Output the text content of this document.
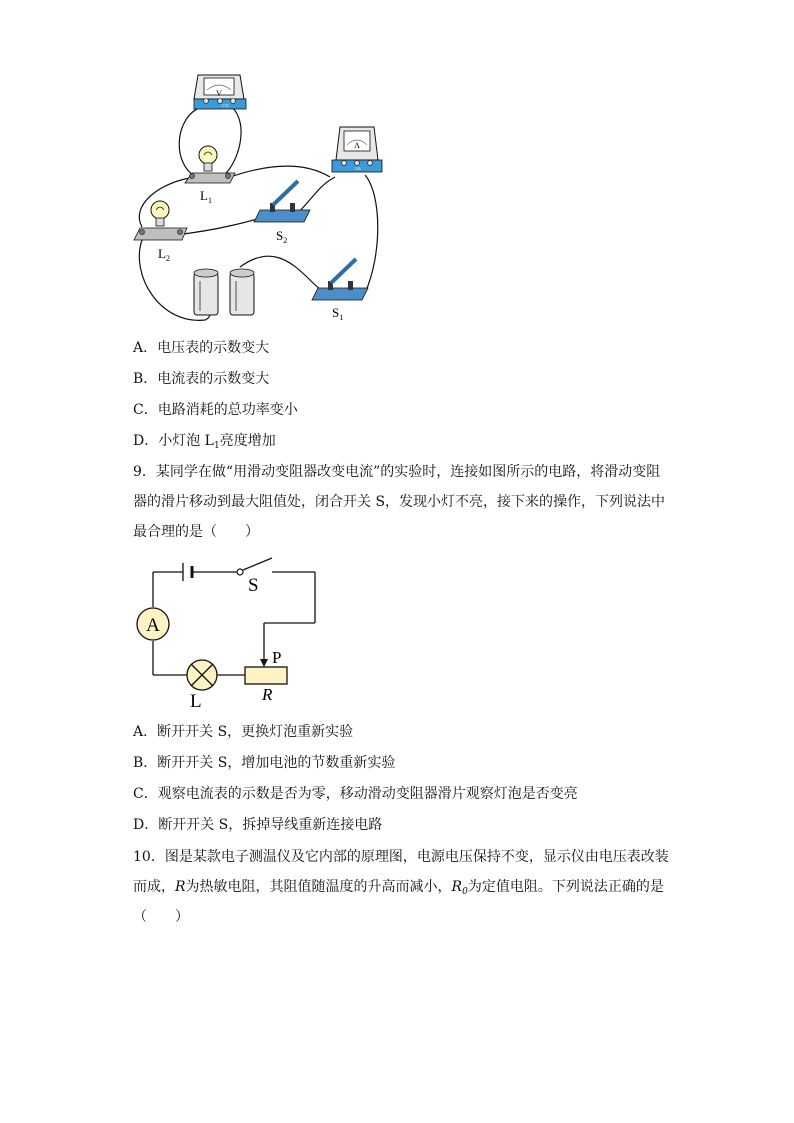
V
3 15
A
0.6
$L_1$
$L_2$
$S_2$
$S_1$
A．电压表的示数变大
B．电流表的示数变大
C．电路消耗的总功率变小
D．小灯泡 $L_1$亮度增加
9．某同学在做“用滑动变阻器改变电流”的实验时，连接如图所示的电路，将滑动变阻
器的滑片移动到最大阻值处，闭合开关 S，发现小灯不亮，接下来的操作，下列说法中
最合理的是（　　）
A
S
P
R
L
A．断开开关 S，更换灯泡重新实验
B．断开开关 S，增加电池的节数重新实验
C．观察电流表的示数是否为零，移动滑动变阻器滑片观察灯泡是否变亮
D．断开开关 S，拆掉导线重新连接电路
10．图是某款电子测温仪及它内部的原理图，电源电压保持不变，显示仪由电压表改装
而成，R为热敏电阻，其阻值随温度的升高而减小，$R_0$为定值电阻。下列说法正确的是
（　　）
